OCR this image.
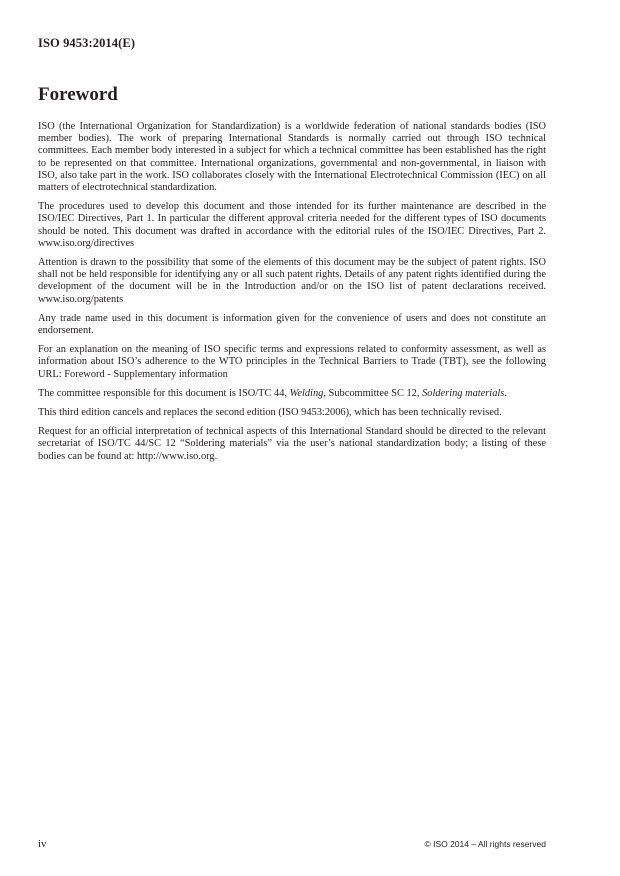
ISO 9453:2014(E)
Foreword

ISO (the International Organization for Standardization) is a worldwide federation of national standards bodies (ISO member bodies). The work of preparing International Standards is normally carried out through ISO technical committees. Each member body interested in a subject for which a technical committee has been established has the right to be represented on that committee. International organizations, governmental and non-governmental, in liaison with ISO, also take part in the work. ISO collaborates closely with the International Electrotechnical Commission (IEC) on all matters of electrotechnical standardization.

The procedures used to develop this document and those intended for its further maintenance are described in the ISO/IEC Directives, Part 1. In particular the different approval criteria needed for the different types of ISO documents should be noted. This document was drafted in accordance with the editorial rules of the ISO/IEC Directives, Part 2. www.iso.org/directives

Attention is drawn to the possibility that some of the elements of this document may be the subject of patent rights. ISO shall not be held responsible for identifying any or all such patent rights. Details of any patent rights identified during the development of the document will be in the Introduction and/or on the ISO list of patent declarations received. www.iso.org/patents

Any trade name used in this document is information given for the convenience of users and does not constitute an endorsement.

For an explanation on the meaning of ISO specific terms and expressions related to conformity assessment, as well as information about ISO’s adherence to the WTO principles in the Technical Barriers to Trade (TBT), see the following URL: Foreword - Supplementary information

The committee responsible for this document is ISO/TC 44, Welding, Subcommittee SC 12, Soldering materials.

This third edition cancels and replaces the second edition (ISO 9453:2006), which has been technically revised.

Request for an official interpretation of technical aspects of this International Standard should be directed to the relevant secretariat of ISO/TC 44/SC 12 “Soldering materials” via the user’s national standardization body; a listing of these bodies can be found at: http://www.iso.org.

iv	© ISO 2014 – All rights reserved
